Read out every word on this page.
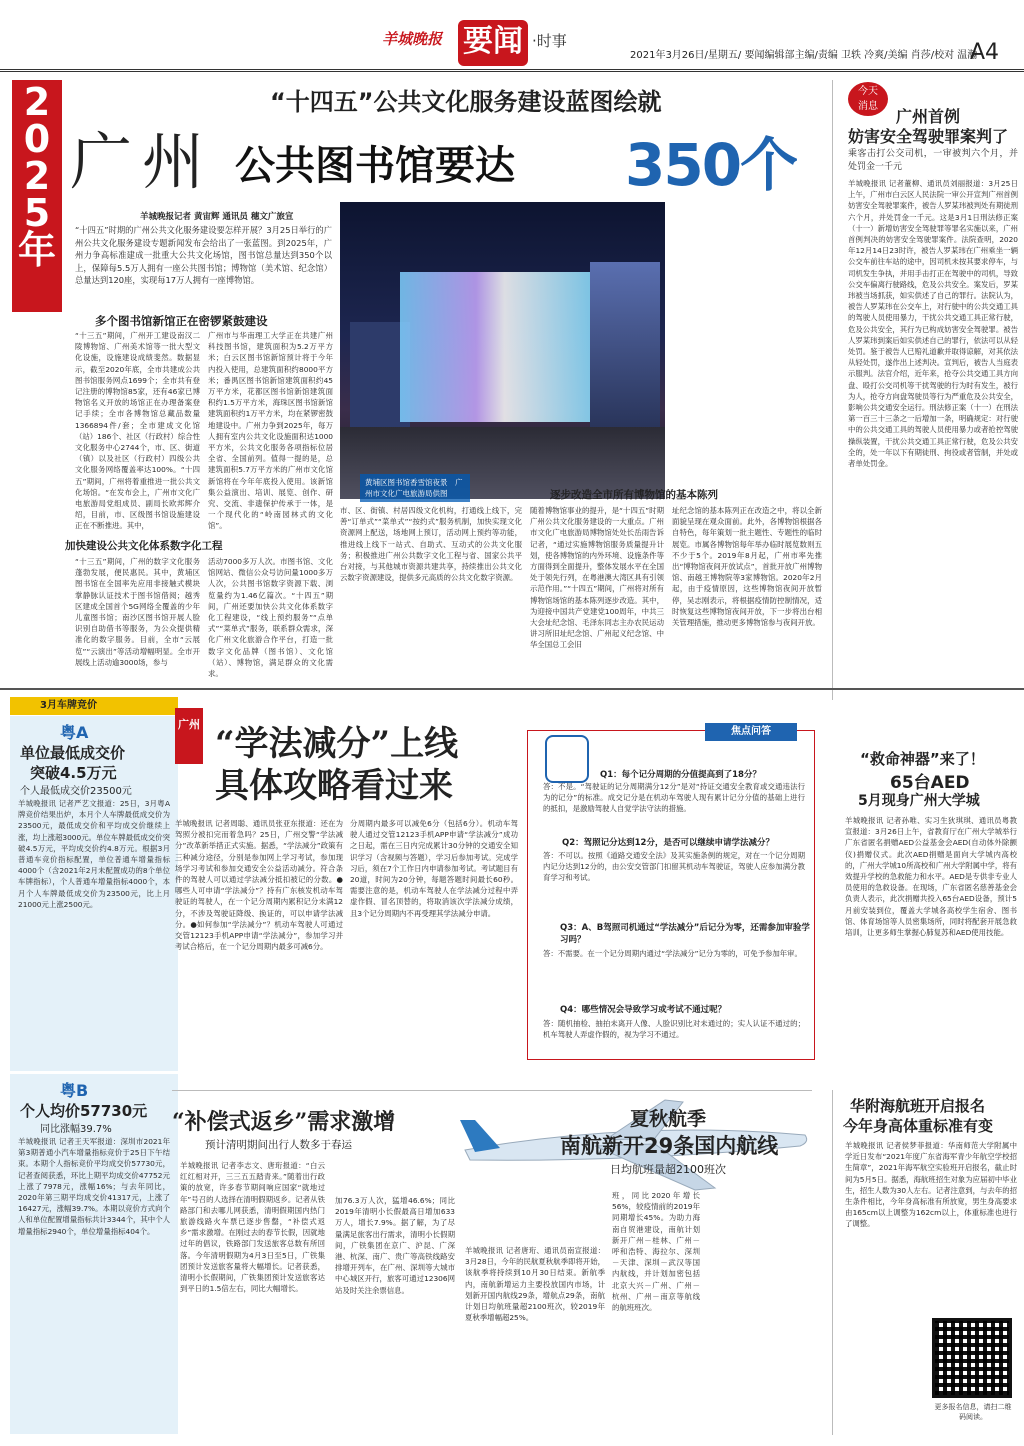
羊城晚报 要闻 ·时事
2021年3月26日/星期五/ 要闻编辑部主编/责编 卫轶 冷爽/美编 肖莎/校对 温瀚
A4
2025年
“十四五”公共文化服务建设蓝图绘就
广州 公共图书馆要达 350个
羊城晚报记者 黄宙辉 通讯员 穗文广旅宣

“十四五”时期的广州公共文化服务建设要怎样开展？3月25日举行的广州公共文化服务建设专题新闻发布会给出了一张蓝图。到2025年，广州力争高标准建成一批重大公共文化场馆，图书馆总量达到350个以上，保障每5.5万人拥有一座公共图书馆；博物馆（美术馆、纪念馆）总量达到120座，实现每17万人拥有一座博物馆。

多个图书馆新馆正在密锣紧鼓建设

“十三五”期间，广州开工建设南汉二陵博物馆、广州美术馆等一批大型文化设施，设施建设成绩斐然。数据显示，截至2020年底，全市共建成公共图书馆服务网点1699个；全市共有登记注册的博物馆85家，还有46家已博物馆名义开放的场馆正在办理备案登记手续；全市各博物馆总藏品数量1366894件/套；全市建成文化馆（站）186个、社区（行政村）综合性文化服务中心2744个，市、区、街道（镇）以及社区（行政村）四级公共文化服务网络覆盖率达100%。“十四五”期间，广州将着重推进一批公共文化场馆。“在发布会上，广州市文化广电旅游局党组成员、副局长欧邦辉介绍，目前，市、区级图书馆设施建设正在不断推进。其中，

广州市与华南理工大学正在共建广州科技图书馆，建筑面积为5.2万平方米；白云区图书馆新馆预计将于今年内投入使用，总建筑面积约8000平方米；番禺区图书馆新馆建筑面积约45万平方米，花都区图书馆新馆建筑面积约1.5万平方米，海珠区图书馆新馆建筑面积约1万平方米，均在紧锣密鼓地建设中。广州力争到2025年，每万人拥有室内公共文化设施面积达1000平方米，公共文化服务各项指标位居全省、全国前列。值得一提的是，总建筑面积5.7万平方米的广州市文化馆新馆将在今年年底投入使用。该新馆集公益演出、培训、展览、创作、研究、交流、非遗保护传承于一体，是一个现代化的“岭南园林式的文化馆”。

黄埔区图书馆香雪馆夜景　广州市文化广电旅游局供图	逐步改造全市所有博物馆的基本陈列

随着博物馆事业的提升，是“十四五”时期广州公共文化服务建设的一大重点。广州市文化广电旅游局博物馆处处长岳雨告诉记者，“通过实施博物馆服务质量提升计划，使各博物馆的内外环境、设施条件等方面得到全面提升，整体发展水平在全国处于领先行列，在粤港澳大湾区具有引领示范作用。”“十四五”期间，广州将对所有博物馆场馆的基本陈列逐步改造。其中，为迎接中国共产党建党100周年，中共三大会址纪念馆、毛泽东同志主办农民运动讲习所旧址纪念馆、广州起义纪念馆、中华全国总工会旧

址纪念馆的基本陈列正在改造之中，将以全新面貌呈现在观众面前。此外，各博物馆根据各自特色，每年策划一批主题性、专题性的临时展览。市属各博物馆每年举办临时展览数则五不少于5个。2019年8月起，广州市率先推出“博物馆夜间开放试点”，首批开放广州博物馆、南越王博物院等3家博物馆。2020年2月起，由于疫情原因，这些博物馆夜间开放暂停，吴志刚表示，将根据疫情防控制情况，适时恢复这些博物馆夜间开放，下一步将出台相关管理措施，推动更多博物馆参与夜间开放。

加快建设公共文化体系数字化工程

“十三五”期间，广州的数字文化服务蓬勃发展，便民惠民。其中，黄埔区图书馆在全国率先应用非接触式模块掌静脉认证技术于图书馆借阅；越秀区建成全国首个5G网络全覆盖的少年儿童图书馆；南沙区图书馆开展人脸识别自助借书等服务，为公众提供精准化的数字服务。目前，全市“云展览”“云演出”等活动增幅明显。全市开展线上活动逾3000场，参与

活动7000多万人次。市图书馆、文化馆网站、微信公众号访问量1000多万人次，公共图书馆数字资源下载、浏览量约为1.46亿篇次。“十四五”期间，广州还要加快公共文化体系数字化工程建设，“线上预约服务”“点单式”“菜单式”服务，联系群众需求，深化广州文化旅游合作平台，打造一批数字文化品牌（图书馆）、文化馆（站）、博物馆，满足群众的文化需求。

市、区、街镇、村居四级文化机构，打通线上线下，完善“订单式”“菜单式”“按约式”服务机制，加快实现文化资源网上配送，场地网上预订，活动网上预约等功能，推进线上线下一站式、自助式、互动式的公共文化服务；积极推进广州公共数字文化工程与省、国家公共平台对接，与其他城市资源共建共享，持续推出公共文化云数字资源建设，提供多元高质的公共文化数字资源。

今天
消息
广州首例
妨害安全驾驶罪案判了

乘客击打公交司机，一审被判六个月，并处罚金一千元

羊城晚报讯 记者董柳、通讯员刘丽报道：3月25日上午，广州市白云区人民法院一审公开宣判广州首例妨害安全驾驶罪案件，被告人罗某玮被判处有期徒刑六个月，并处罚金一千元。这是3月1日刑法修正案（十一）新增妨害安全驾驶罪等罪名实施以来，广州首例判决的妨害安全驾驶罪案件。法院查明，2020年12月14日23时许，被告人罗某玮在广州乘坐一辆公交车前往车站的途中，因司机未按其要求停车，与司机发生争执，并用手击打正在驾驶中的司机，导致公交车偏离行驶路线，危及公共安全。案发后，罗某玮被当场抓获，如实供述了自己的罪行。法院认为，被告人罗某玮在公交车上，对行驶中的公共交通工具的驾驶人员使用暴力，干扰公共交通工具正常行驶，危及公共安全，其行为已构成妨害安全驾驶罪。被告人罗某玮到案后如实供述自己的罪行，依法可以从轻处罚。鉴于被告人已赔礼道歉并取得谅解，对其依法从轻处罚，遂作出上述判决。宣判后，被告人当庭表示服判。法官介绍，近年来，抢夺公共交通工具方向盘、殴打公交司机等干扰驾驶的行为时有发生，被行为人，抢夺方向盘驾驶员等行为严重危及公共安全，影响公共交通安全运行。刑法修正案（十一）在刑法第一百三十三条之一后增加一条，明确规定：对行驶中的公共交通工具的驾驶人员使用暴力或者抢控驾驶操纵装置，干扰公共交通工具正常行驶，危及公共安全的，处一年以下有期徒刑、拘役或者管制，并处或者单处罚金。

3月车牌竞价
粤A
单位最低成交价
突破4.5万元
个人最低成交价23500元

羊城晚报讯 记者严艺文报道：25日，3月粤A牌竞价结果出炉，本月个人车牌最低成交价为23500元，最低成交价和平均成交价继续上涨，均上涨超3000元。单位车牌最低成交价突破4.5万元，平均成交价约4.8万元。根据3月普通车竞价指标配置，单位普通车增量指标4000个（含2021年2月未配置成功的8个单位车牌指标），个人普通车增量指标4000个，本月个人车牌最低成交价为23500元，比上月21000元上涨2500元。

粤B
个人均价57730元
同比涨幅39.7%

羊城晚报讯 记者王天军报道：深圳市2021年第3期普通小汽车增量指标竞价于25日下午结束。本期个人指标竞价平均成交价57730元，记者查阅获悉，环比上期平均成交价47752元上涨了7978元，涨幅16%；与去年同比，2020年第三期平均成交价41317元，上涨了16427元，涨幅39.7%。本期以竞价方式向个人和单位配置增量指标共计3344个，其中个人增量指标2940个，单位增量指标404个。

广州 “学法减分”上线
具体攻略看过来

羊城晚报讯 记者周聪、通讯员张亚东报道：还在为驾照分被扣完而着急吗？25日，广州交警“学法减分”改革新举措正式实施。据悉，“学法减分”政策有三种减分途径，分别是参加网上学习考试，参加现场学习考试和参加交通安全公益活动减分。符合条件的驾驶人可以通过学法减分抵扣被记的分数。●哪些人可申请“学法减分”？持有广东核发机动车驾驶证的驾驶人，在一个记分周期内累积记分未满12分，不涉及驾驶证降级、换证的，可以申请学法减分。●如何参加“学法减分”？机动车驾驶人可通过交管12123手机APP申请“学法减分”，参加学习并考试合格后，在一个记分周期内最多可减6分。

分周期内最多可以减免6分（包括6分）。机动车驾驶人通过交管12123手机APP申请“学法减分”成功之日起，需在三日内完成累计30分钟的交通安全知识学习（含视频与答题），学习后参加考试。完成学习后，须在7个工作日内申请参加考试。考试题目有20道，时间为20分钟，每题答题时间最长60秒。需要注意的是，机动车驾驶人在学法减分过程中弄虚作假、冒名顶替的，将取消该次学法减分成绩，且3个记分周期内不再受理其学法减分申请。

焦点问答
Q1：每个记分周期的分值提高到了18分？

答：不是。“驾驶证的记分周期满分12分”是对“持证交通安全教育或交通违法行为的记分”的标准。成交记分是在机动车驾驶人现有累计记分分值的基础上进行的抵扣，是激励驾驶人自觉学法守法的措施。

Q2：驾照记分达到12分，是否可以继续申请学法减分？

答：不可以。按照《道路交通安全法》及其实施条例的规定，对在一个记分周期内记分达到12分的，由公安交管部门扣留其机动车驾驶证，驾驶人应参加满分教育学习和考试。

Q3：A、B驾照司机通过“学法减分”后记分为零，还需参加审验学习吗？

答：不需要。在一个记分周期内通过“学法减分”记分为零的，可免予参加年审。

Q4：哪些情况会导致学习或考试不通过呢？

答：随机抽检、抽拍未离开人像、人脸识别比对未通过的；实人认证不通过的；机车驾驶人弄虚作假的，视为学习不通过。

“救命神器”来了！
65台AED
5月现身广州大学城

羊城晚报讯 记者孙唯、实习生狄琪琪、通讯员粤教宣报道：3月26日上午，省教育厅在广州大学城举行广东省匿名捐赠AED公益基金会AED(自动体外除颤仪)捐赠仪式。此次AED捐赠是面向大学城内高校的，广州大学城10所高校和广州大学附属中学，将有效提升学校的急救能力和水平。AED是专供非专业人员使用的急救设备。在现场，广东省匿名慈善基金会负责人表示，此次捐赠共投入65台AED设备，预计5月前安装到位，覆盖大学城各高校学生宿舍、图书馆、体育场馆等人员密集场所，同时将配套开展急救培训，让更多师生掌握心肺复苏和AED使用技能。

“补偿式返乡”需求激增
预计清明期间出行人数多于春运

羊城晚报讯 记者李志文、唐珩报道：“白云红红相对开，三三五五踏青来。”随着出行政策的放宽，许多春节期间响应国家“就地过年”号召的人选择在清明假期返乡。记者从铁路部门和去哪儿网获悉，清明假期国内热门旅游线路火车票已逐步售罄，“补偿式返乡”需求激增。在刚过去的春节长假，因就地过年的倡议，铁路部门发送旅客总数有所回落。今年清明假期为4月3日至5日，广铁集团预计发送旅客量将大幅增长。记者获悉，清明小长假期间，广铁集团预计发送旅客达到平日的1.5倍左右，同比大幅增长。

加76.3万人次，猛增46.6%；同比2019年清明小长假最高日增加633万人，增长7.9%。据了解，为了尽量满足旅客出行需求，清明小长假期间，广铁集团在京广、沪昆、广深港、杭深、南广、贵广等高铁线路安排增开列车，在广州、深圳等大城市中心城区开行，旅客可通过12306网站及时关注余票信息。

夏秋航季
南航新开29条国内航线
日均航班量超2100班次

羊城晚报讯 记者唐珩、通讯员南宣报道：3月28日，今年的民航夏秋航季即将开始，该航季将持续到10月30日结束。新航季内，南航新增运力主要投放国内市场，计划新开国内航线29条，增航点29条，南航计划日均航班量超2100班次，较2019年夏秋季增幅超25%。

班，同比2020年增长56%，较疫情前的2019年同期增长45%。为助力海南自贸港建设，南航计划新开广州－桂林、广州－呼和浩特、海拉尔、深圳－天津、深圳－武汉等国内航线，并计划加密包括北京大兴－广州、广州－杭州、广州－南京等航线的航班班次。

华附海航班开启报名
今年身高体重标准有变

羊城晚报讯 记者侯梦菲报道：华南师范大学附属中学近日发布“2021年度广东省海军青少年航空学校招生简章”，2021年海军航空实验班开启报名，截止时间为5月5日。据悉，海航班招生对象为应届初中毕业生，招生人数为30人左右。记者注意到，与去年的招生条件相比，今年身高标准有所放宽，男生身高要求由165cm以上调整为162cm以上，体重标准也进行了调整。

更多报名信息，请扫二维码阅读。
